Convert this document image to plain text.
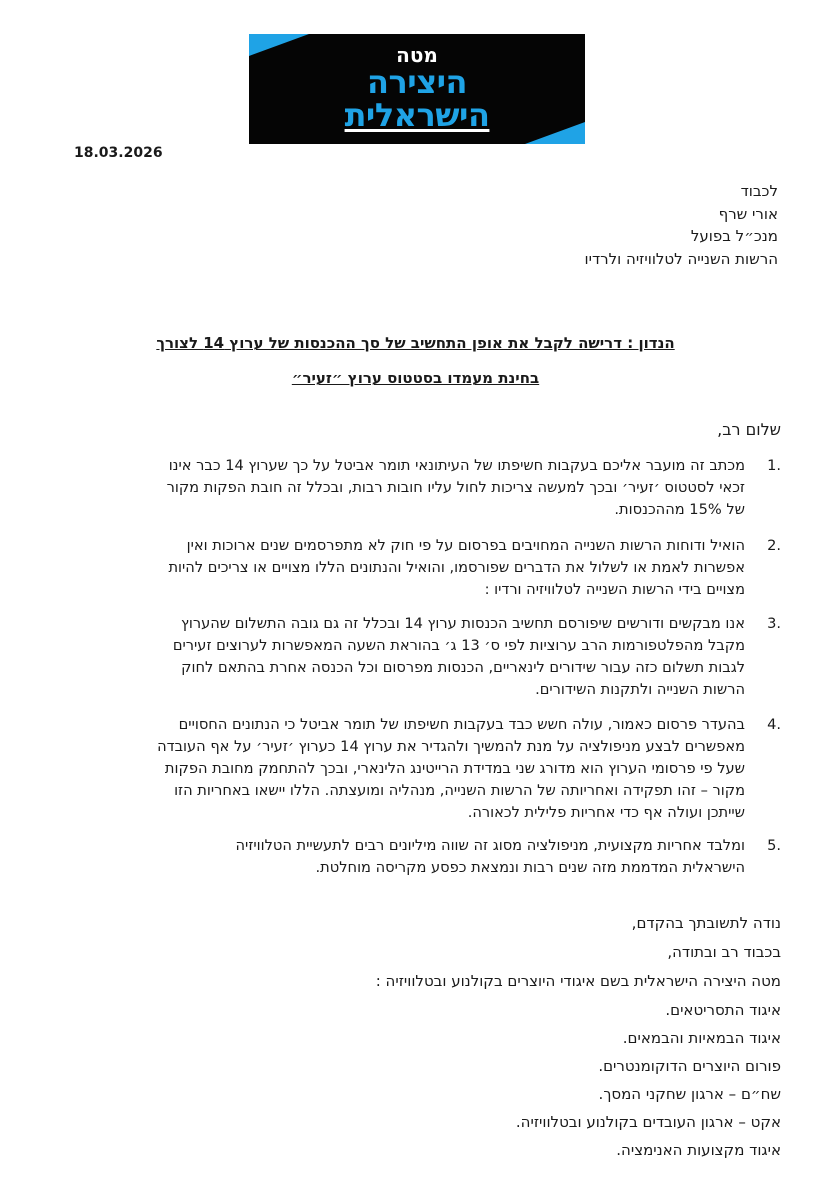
מטה
היצירה
הישראלית
18.03.2026
לכבוד
אורי שרף
מנכ״ל בפועל
הרשות השנייה לטלוויזיה ולרדיו
הנדון : דרישה לקבל את אופן התחשיב של סך ההכנסות של ערוץ 14 לצורך
בחינת מעמדו בסטטוס ערוץ ״זעיר״
שלום רב,
.1
מכתב זה מועבר אליכם בעקבות חשיפתו של העיתונאי תומר אביטל על כך שערוץ 14 כבר אינו
זכאי לסטטוס ׳זעיר׳ ובכך למעשה צריכות לחול עליו חובות רבות, ובכלל זה חובת הפקות מקור
של 15% מההכנסות.
.2
הואיל ודוחות הרשות השנייה המחויבים בפרסום על פי חוק לא מתפרסמים שנים ארוכות ואין
אפשרות לאמת או לשלול את הדברים שפורסמו, והואיל והנתונים הללו מצויים או צריכים להיות
מצויים בידי הרשות השנייה לטלוויזיה ורדיו :
.3
אנו מבקשים ודורשים שיפורסם תחשיב הכנסות ערוץ 14 ובכלל זה גם גובה התשלום שהערוץ
מקבל מהפלטפורמות הרב ערוציות לפי ס׳ 13 ג׳ בהוראת השעה המאפשרות לערוצים זעירים
לגבות תשלום כזה עבור שידורים לינאריים, הכנסות מפרסום וכל הכנסה אחרת בהתאם לחוק
הרשות השנייה ולתקנות השידורים.
.4
בהעדר פרסום כאמור, עולה חשש כבד בעקבות חשיפתו של תומר אביטל כי הנתונים החסויים
מאפשרים לבצע מניפולציה על מנת להמשיך ולהגדיר את ערוץ 14 כערוץ ׳זעיר׳ על אף העובדה
שעל פי פרסומי הערוץ הוא מדורג שני במדידת הרייטינג הלינארי, ובכך להתחמק מחובת הפקות
מקור – זהו תפקידה ואחריותה של הרשות השנייה, מנהליה ומועצתה. הללו יישאו באחריות הזו
שייתכן ועולה אף כדי אחריות פלילית לכאורה.
.5
ומלבד אחריות מקצועית, מניפולציה מסוג זה שווה מיליונים רבים לתעשיית הטלוויזיה
הישראלית המדממת מזה שנים רבות ונמצאת כפסע מקריסה מוחלטת.
נודה לתשובתך בהקדם,
בכבוד רב ובתודה,
מטה היצירה הישראלית בשם איגודי היוצרים בקולנוע ובטלוויזיה :
איגוד התסריטאים.
איגוד הבמאיות והבמאים.
פורום היוצרים הדוקומנטרים.
שח״ם – ארגון שחקני המסך.
אקט – ארגון העובדים בקולנוע ובטלוויזיה.
איגוד מקצועות האנימציה.
